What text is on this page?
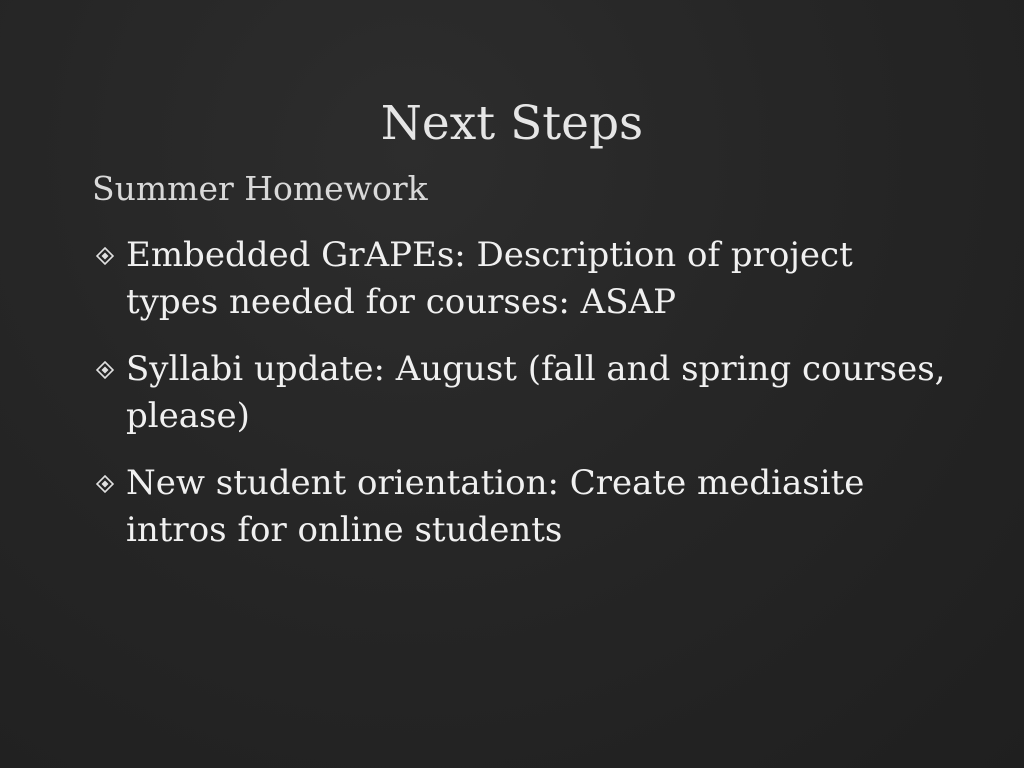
Next Steps
Summer Homework
Embedded GrAPEs: Description of project types needed for courses: ASAP
Syllabi update: August (fall and spring courses, please)
New student orientation: Create mediasite intros for online students
